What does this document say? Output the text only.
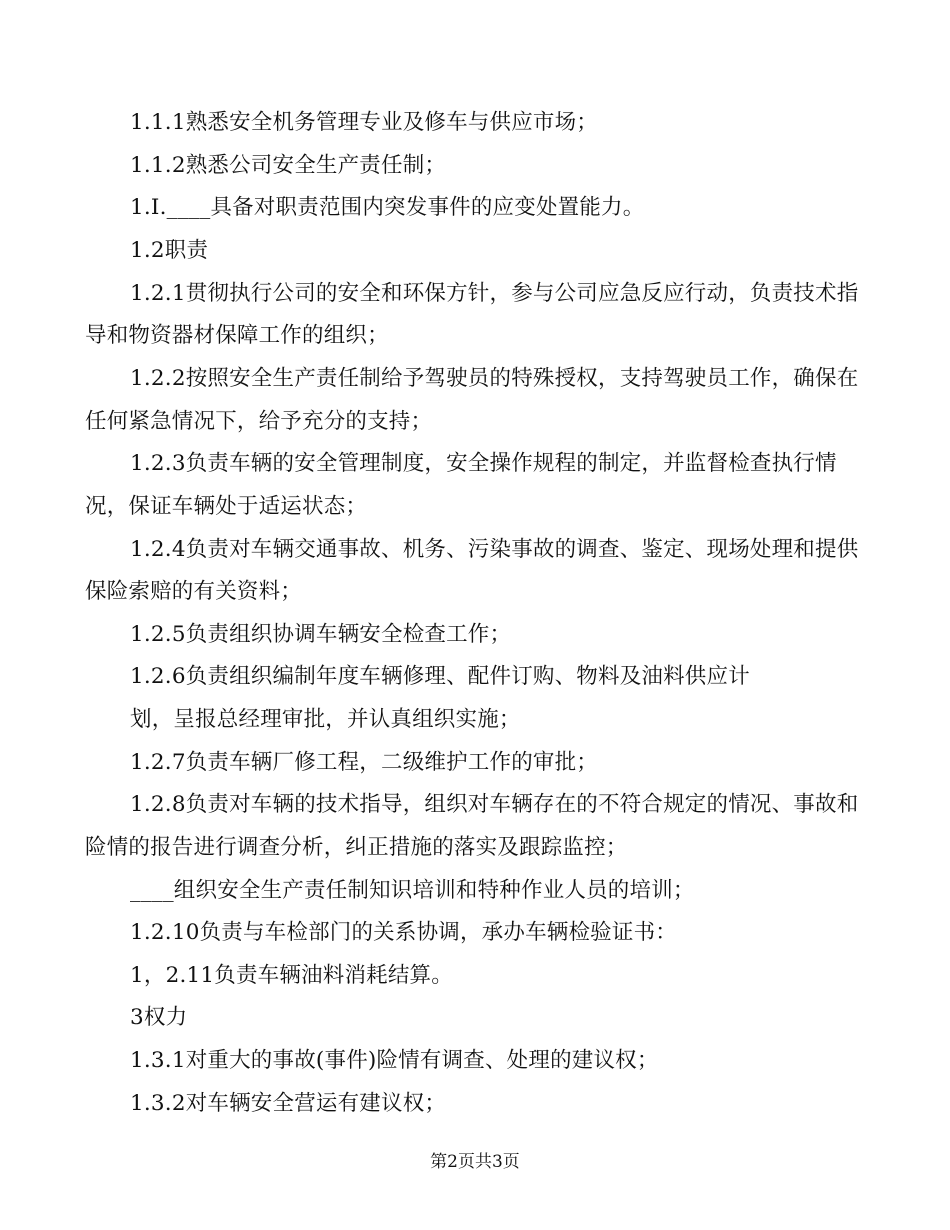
1.1.1熟悉安全机务管理专业及修车与供应市场；
1.1.2熟悉公司安全生产责任制；
1.I.____具备对职责范围内突发事件的应变处置能力。
1.2职责
1.2.1贯彻执行公司的安全和环保方针，参与公司应急反应行动，负责技术指
导和物资器材保障工作的组织；
1.2.2按照安全生产责任制给予驾驶员的特殊授权，支持驾驶员工作，确保在
任何紧急情况下，给予充分的支持；
1.2.3负责车辆的安全管理制度，安全操作规程的制定，并监督检查执行情
况，保证车辆处于适运状态；
1.2.4负责对车辆交通事故、机务、污染事故的调查、鉴定、现场处理和提供
保险索赔的有关资料；
1.2.5负责组织协调车辆安全检查工作；
1.2.6负责组织编制年度车辆修理、配件订购、物料及油料供应计
划，呈报总经理审批，并认真组织实施；
1.2.7负责车辆厂修工程，二级维护工作的审批；
1.2.8负责对车辆的技术指导，组织对车辆存在的不符合规定的情况、事故和
险情的报告进行调查分析，纠正措施的落实及跟踪监控；
____组织安全生产责任制知识培训和特种作业人员的培训；
1.2.10负责与车检部门的关系协调，承办车辆检验证书：
1，2.11负责车辆油料消耗结算。
3权力
1.3.1对重大的事故(事件)险情有调查、处理的建议权；
1.3.2对车辆安全营运有建议权；
第2页共3页
